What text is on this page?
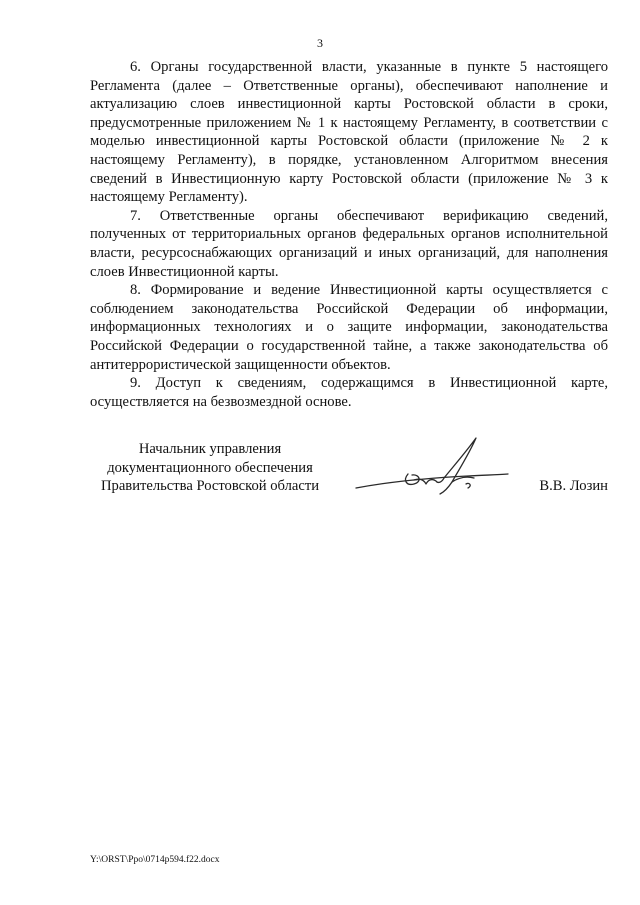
3

6. Органы государственной власти, указанные в пункте 5 настоящего Регламента (далее – Ответственные органы), обеспечивают наполнение и актуализацию слоев инвестиционной карты Ростовской области в сроки, предусмотренные приложением № 1 к настоящему Регламенту, в соответствии с моделью инвестиционной карты Ростовской области (приложение № 2 к настоящему Регламенту), в порядке, установленном Алгоритмом внесения сведений в Инвестиционную карту Ростовской области (приложение № 3 к настоящему Регламенту).

7. Ответственные органы обеспечивают верификацию сведений, полученных от территориальных органов федеральных органов исполнительной власти, ресурсоснабжающих организаций и иных организаций, для наполнения слоев Инвестиционной карты.

8. Формирование и ведение Инвестиционной карты осуществляется с соблюдением законодательства Российской Федерации об информации, информационных технологиях и о защите информации, законодательства Российской Федерации о государственной тайне, а также законодательства об антитеррористической защищенности объектов.

9. Доступ к сведениям, содержащимся в Инвестиционной карте, осуществляется на безвозмездной основе.

Начальник управления
документационного обеспечения
Правительства Ростовской области	В.В. Лозин
Y:\ORST\Ppo\0714p594.f22.docx
